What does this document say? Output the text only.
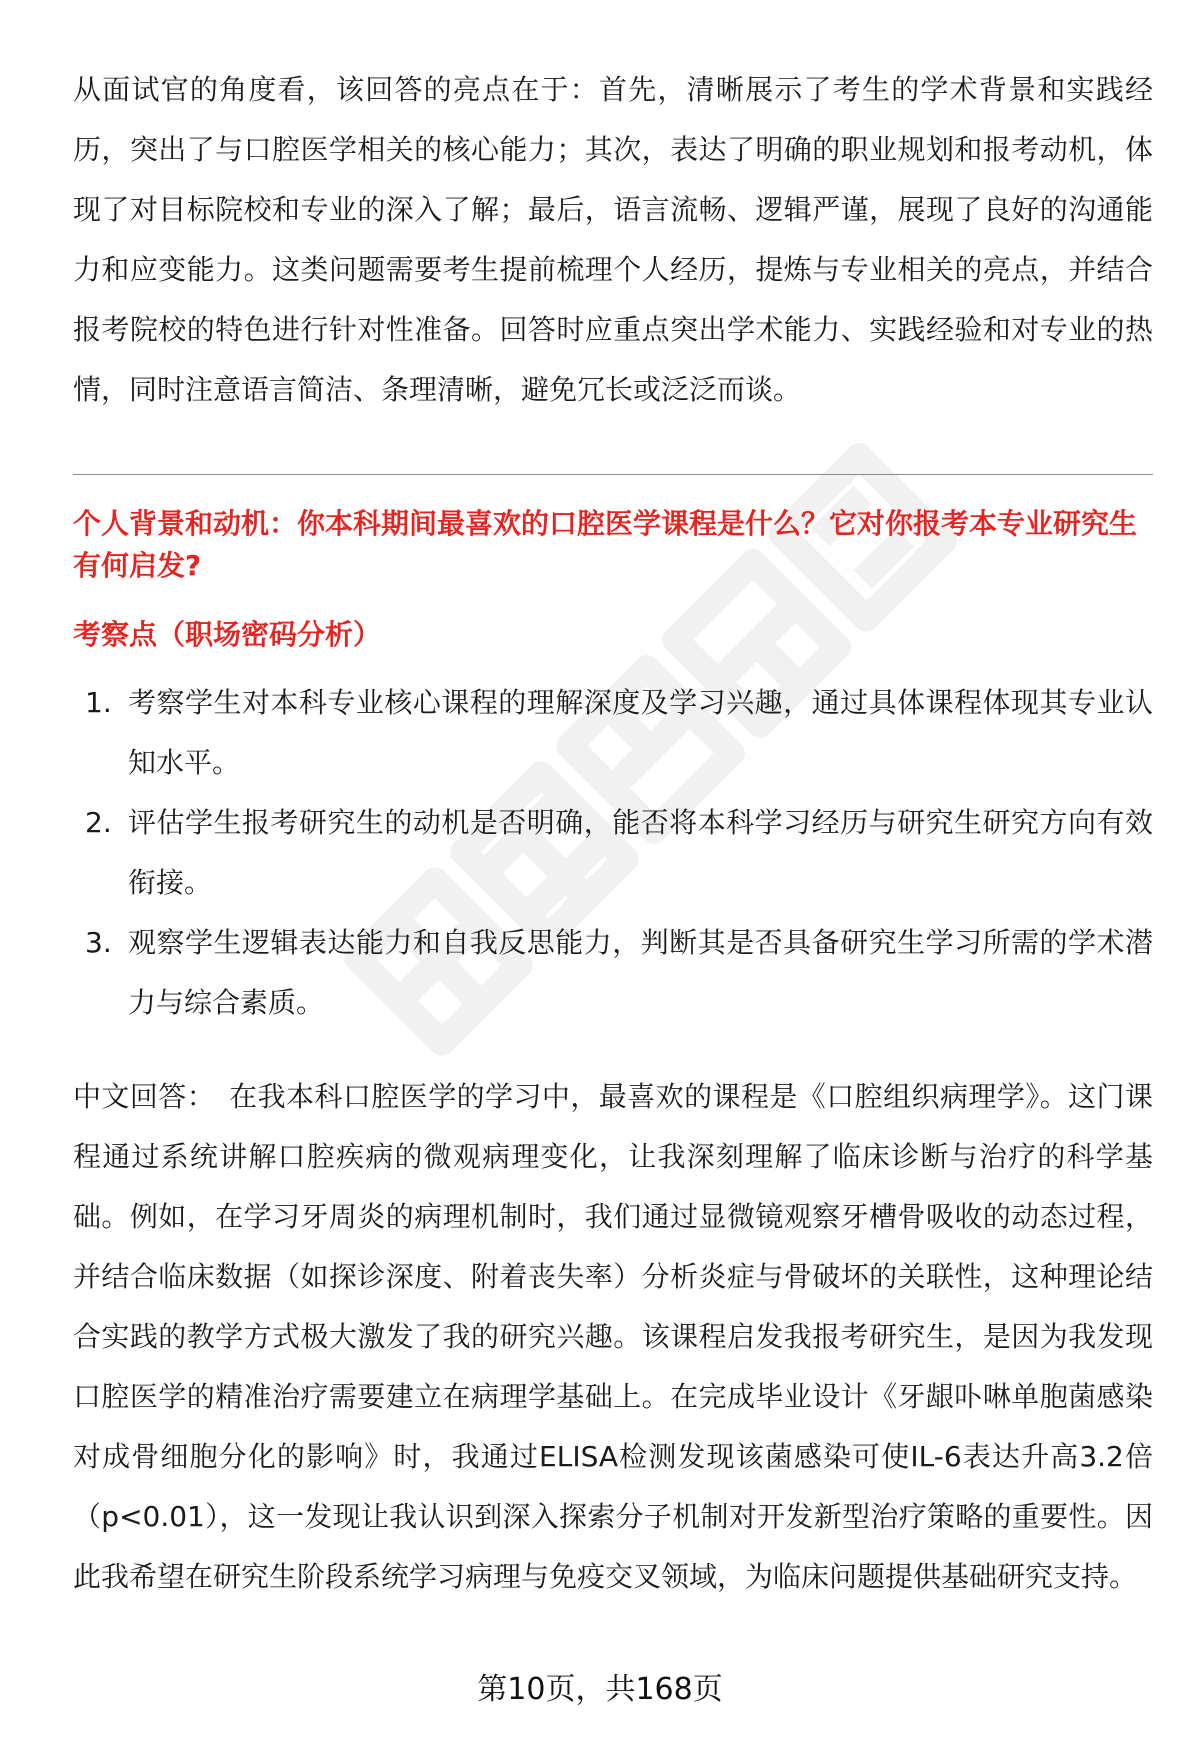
从面试官的角度看，该回答的亮点在于：首先，清晰展示了考生的学术背景和实践经历，突出了与口腔医学相关的核心能力；其次，表达了明确的职业规划和报考动机，体现了对目标院校和专业的深入了解；最后，语言流畅、逻辑严谨，展现了良好的沟通能力和应变能力。这类问题需要考生提前梳理个人经历，提炼与专业相关的亮点，并结合报考院校的特色进行针对性准备。回答时应重点突出学术能力、实践经验和对专业的热情，同时注意语言简洁、条理清晰，避免冗长或泛泛而谈。

个人背景和动机：你本科期间最喜欢的口腔医学课程是什么？它对你报考本专业研究生有何启发?

考察点（职场密码分析）
1. 考察学生对本科专业核心课程的理解深度及学习兴趣，通过具体课程体现其专业认知水平。
2. 评估学生报考研究生的动机是否明确，能否将本科学习经历与研究生研究方向有效衔接。
3. 观察学生逻辑表达能力和自我反思能力，判断其是否具备研究生学习所需的学术潜力与综合素质。

中文回答： 在我本科口腔医学的学习中，最喜欢的课程是《口腔组织病理学》。这门课程通过系统讲解口腔疾病的微观病理变化，让我深刻理解了临床诊断与治疗的科学基础。例如，在学习牙周炎的病理机制时，我们通过显微镜观察牙槽骨吸收的动态过程，并结合临床数据（如探诊深度、附着丧失率）分析炎症与骨破坏的关联性，这种理论结合实践的教学方式极大激发了我的研究兴趣。该课程启发我报考研究生，是因为我发现口腔医学的精准治疗需要建立在病理学基础上。在完成毕业设计《牙龈卟啉单胞菌感染对成骨细胞分化的影响》时，我通过ELISA检测发现该菌感染可使IL-6表达升高3.2倍（p<0.01），这一发现让我认识到深入探索分子机制对开发新型治疗策略的重要性。因此我希望在研究生阶段系统学习病理与免疫交叉领域，为临床问题提供基础研究支持。

第10页，共168页
